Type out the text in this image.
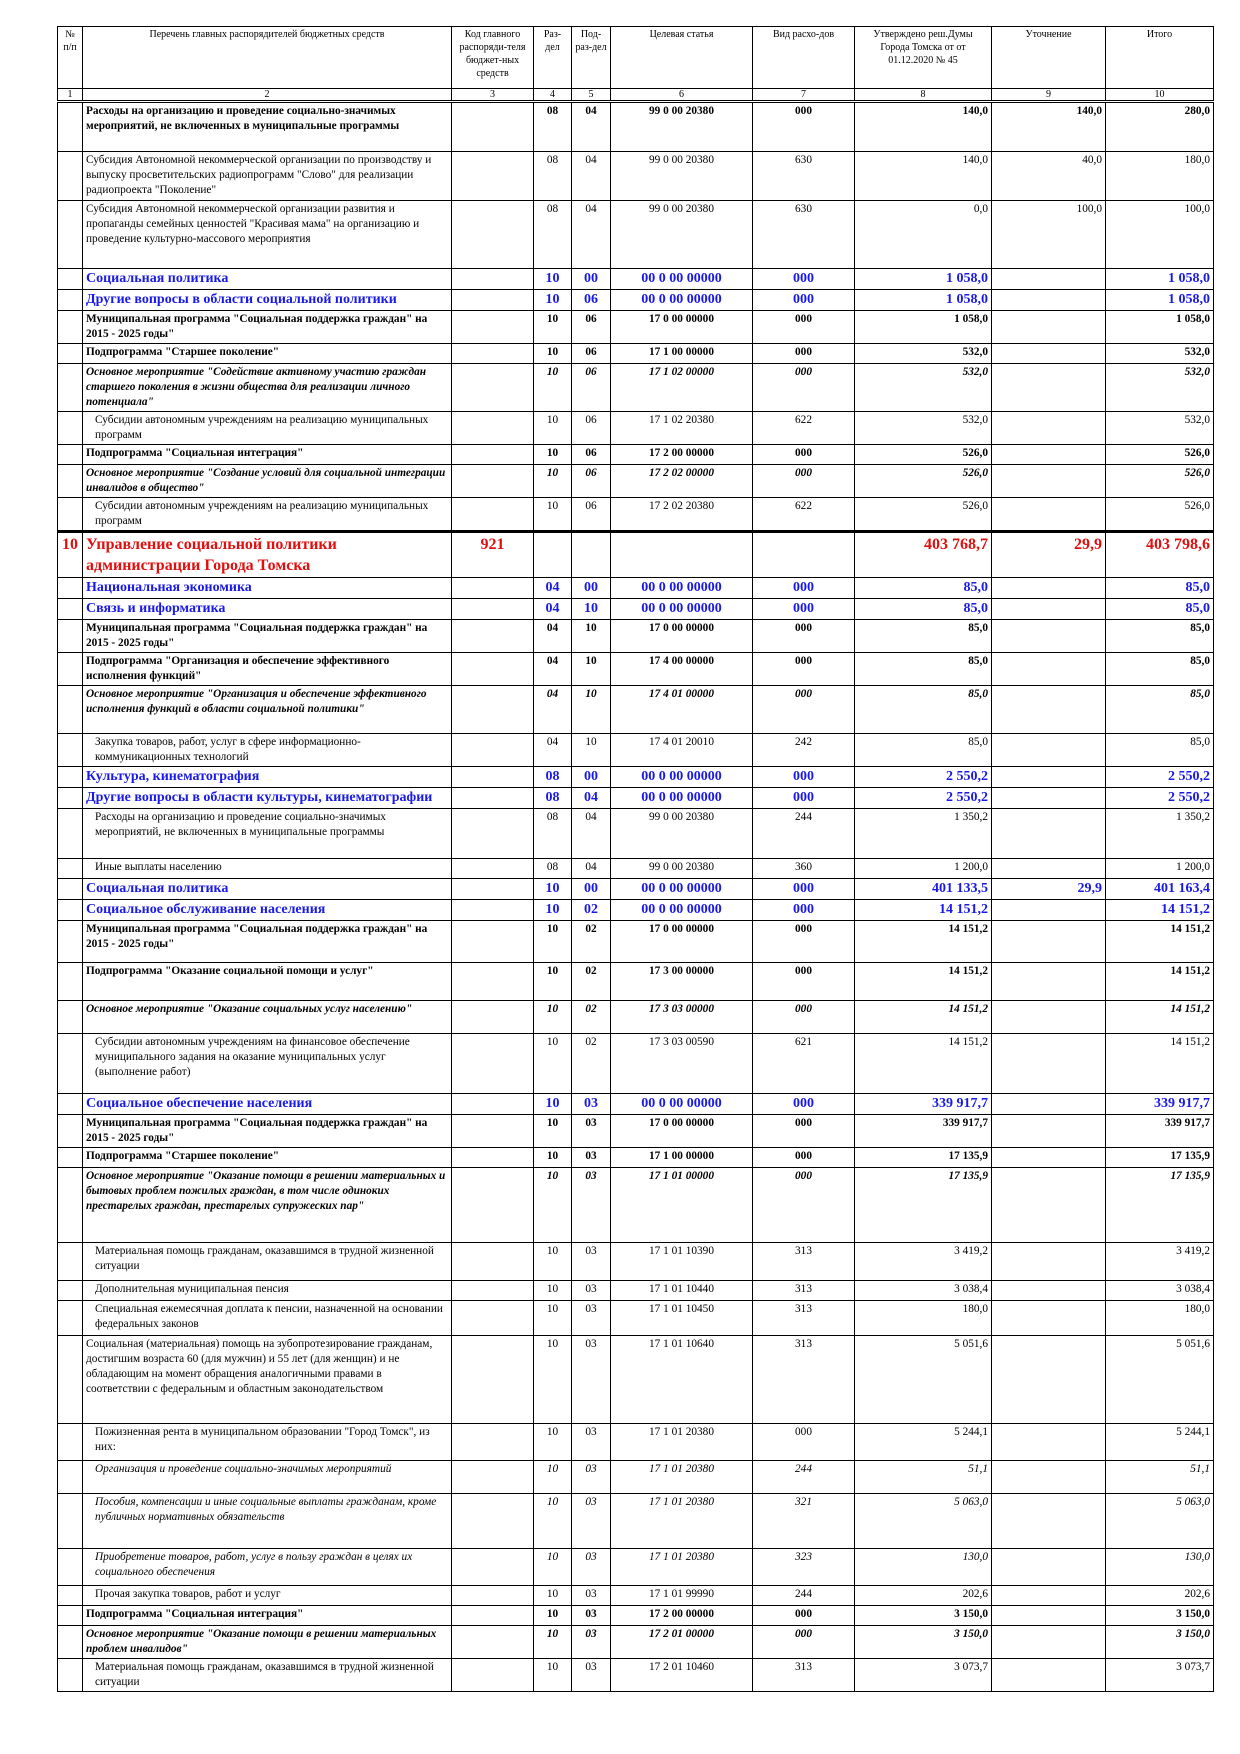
№ п/п	Перечень главных распорядителей бюджетных средств	Код главного распоряди-теля бюджет-ных средств	Раз-дел	Под-раз-дел	Целевая статья	Вид расхо-дов	Утверждено реш.Думы Города Томска от от 01.12.2020 № 45	Уточнение	Итого
1	2	3	4	5	6	7	8	9	10
	Расходы на организацию и проведение социально-значимых мероприятий, не включенных в муниципальные программы		08	04	99 0 00 20380	000	140,0	140,0	280,0
	Субсидия Автономной некоммерческой организации по производству и выпуску просветительских радиопрограмм "Слово" для реализации радиопроекта "Поколение"		08	04	99 0 00 20380	630	140,0	40,0	180,0
	Субсидия Автономной некоммерческой организации развития и пропаганды семейных ценностей "Красивая мама" на организацию и проведение культурно-массового мероприятия		08	04	99 0 00 20380	630	0,0	100,0	100,0
	Социальная политика		10	00	00 0 00 00000	000	1 058,0		1 058,0
	Другие вопросы в области социальной политики		10	06	00 0 00 00000	000	1 058,0		1 058,0
	Муниципальная программа "Социальная поддержка граждан" на 2015 - 2025 годы"		10	06	17 0 00 00000	000	1 058,0		1 058,0
	Подпрограмма "Старшее поколение"		10	06	17 1 00 00000	000	532,0		532,0
	Основное мероприятие "Содействие активному участию граждан старшего поколения в жизни общества для реализации личного потенциала"		10	06	17 1 02 00000	000	532,0		532,0
	Субсидии автономным учреждениям на реализацию муниципальных программ		10	06	17 1 02 20380	622	532,0		532,0
	Подпрограмма "Социальная интеграция"		10	06	17 2 00 00000	000	526,0		526,0
	Основное мероприятие "Создание условий для социальной интеграции инвалидов в общество"		10	06	17 2 02 00000	000	526,0		526,0
	Субсидии автономным учреждениям на реализацию муниципальных программ		10	06	17 2 02 20380	622	526,0		526,0
10	Управление социальной политики администрации Города Томска	921					403 768,7	29,9	403 798,6
	Национальная экономика		04	00	00 0 00 00000	000	85,0		85,0
	Связь и информатика		04	10	00 0 00 00000	000	85,0		85,0
	Муниципальная программа "Социальная поддержка граждан" на 2015 - 2025 годы"		04	10	17 0 00 00000	000	85,0		85,0
	Подпрограмма "Организация и обеспечение эффективного исполнения функций"		04	10	17 4 00 00000	000	85,0		85,0
	Основное мероприятие "Организация и обеспечение эффективного исполнения функций в области социальной политики"		04	10	17 4 01 00000	000	85,0		85,0
	Закупка товаров, работ, услуг в сфере информационно-коммуникационных технологий		04	10	17 4 01 20010	242	85,0		85,0
	Культура, кинематография		08	00	00 0 00 00000	000	2 550,2		2 550,2
	Другие вопросы в области культуры, кинематографии		08	04	00 0 00 00000	000	2 550,2		2 550,2
	Расходы на организацию и проведение социально-значимых мероприятий, не включенных в муниципальные программы		08	04	99 0 00 20380	244	1 350,2		1 350,2
	Иные выплаты населению		08	04	99 0 00 20380	360	1 200,0		1 200,0
	Социальная политика		10	00	00 0 00 00000	000	401 133,5	29,9	401 163,4
	Социальное обслуживание населения		10	02	00 0 00 00000	000	14 151,2		14 151,2
	Муниципальная программа "Социальная поддержка граждан" на 2015 - 2025 годы"		10	02	17 0 00 00000	000	14 151,2		14 151,2
	Подпрограмма "Оказание социальной помощи и услуг"		10	02	17 3 00 00000	000	14 151,2		14 151,2
	Основное мероприятие "Оказание социальных услуг населению"		10	02	17 3 03 00000	000	14 151,2		14 151,2
	Субсидии автономным учреждениям на финансовое обеспечение муниципального задания на оказание муниципальных услуг (выполнение работ)		10	02	17 3 03 00590	621	14 151,2		14 151,2
	Социальное обеспечение населения		10	03	00 0 00 00000	000	339 917,7		339 917,7
	Муниципальная программа "Социальная поддержка граждан" на 2015 - 2025 годы"		10	03	17 0 00 00000	000	339 917,7		339 917,7
	Подпрограмма "Старшее поколение"		10	03	17 1 00 00000	000	17 135,9		17 135,9
	Основное мероприятие "Оказание помощи в решении материальных и бытовых проблем пожилых граждан, в том числе одиноких престарелых граждан, престарелых супружеских пар"		10	03	17 1 01 00000	000	17 135,9		17 135,9
	Материальная помощь гражданам, оказавшимся в трудной жизненной ситуации		10	03	17 1 01 10390	313	3 419,2		3 419,2
	Дополнительная муниципальная пенсия		10	03	17 1 01 10440	313	3 038,4		3 038,4
	Специальная ежемесячная доплата к пенсии, назначенной на основании федеральных законов		10	03	17 1 01 10450	313	180,0		180,0
	Социальная (материальная) помощь на зубопротезирование гражданам, достигшим возраста 60 (для мужчин) и 55 лет (для женщин) и не обладающим на момент обращения аналогичными правами в соответствии с федеральным и областным законодательством		10	03	17 1 01 10640	313	5 051,6		5 051,6
	Пожизненная рента в муниципальном образовании "Город Томск", из них:		10	03	17 1 01 20380	000	5 244,1		5 244,1
	Организация и проведение социально-значимых мероприятий		10	03	17 1 01 20380	244	51,1		51,1
	Пособия, компенсации и иные социальные выплаты гражданам, кроме публичных нормативных обязательств		10	03	17 1 01 20380	321	5 063,0		5 063,0
	Приобретение товаров, работ, услуг в пользу граждан в целях их социального обеспечения		10	03	17 1 01 20380	323	130,0		130,0
	Прочая закупка товаров, работ и услуг		10	03	17 1 01 99990	244	202,6		202,6
	Подпрограмма "Социальная интеграция"		10	03	17 2 00 00000	000	3 150,0		3 150,0
	Основное мероприятие "Оказание помощи в решении материальных проблем инвалидов"		10	03	17 2 01 00000	000	3 150,0		3 150,0
	Материальная помощь гражданам, оказавшимся в трудной жизненной ситуации		10	03	17 2 01 10460	313	3 073,7		3 073,7
